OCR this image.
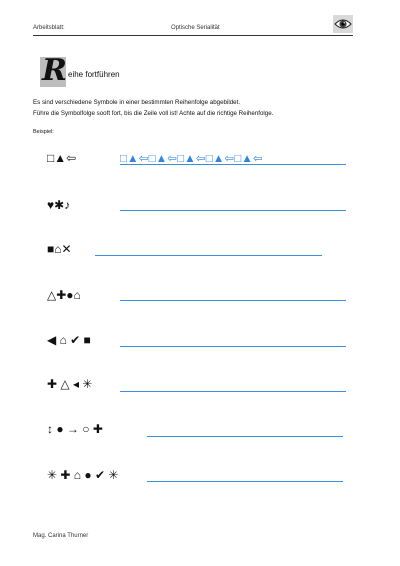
Arbeitsblatt:	Optische Serialität
R eihe fortführen
Es sind verschiedene Symbole in einer bestimmten Reihenfolge abgebildet.
Führe die Symbolfolge sooft fort, bis die Zeile voll ist! Achte auf die richtige Reihenfolge.
Beispiel:
□▲⇦	□▲⇦□▲⇦□▲⇦□▲⇦□▲⇦
♥✱♪
■⌂✕
△✚●⌂
◀ ⌂ ✔ ■
✚ △ ◂ ✳
↕ ● → ○ ✚
✳ ✚ ⌂ ● ✔ ✳
Mag. Carina Thurner
